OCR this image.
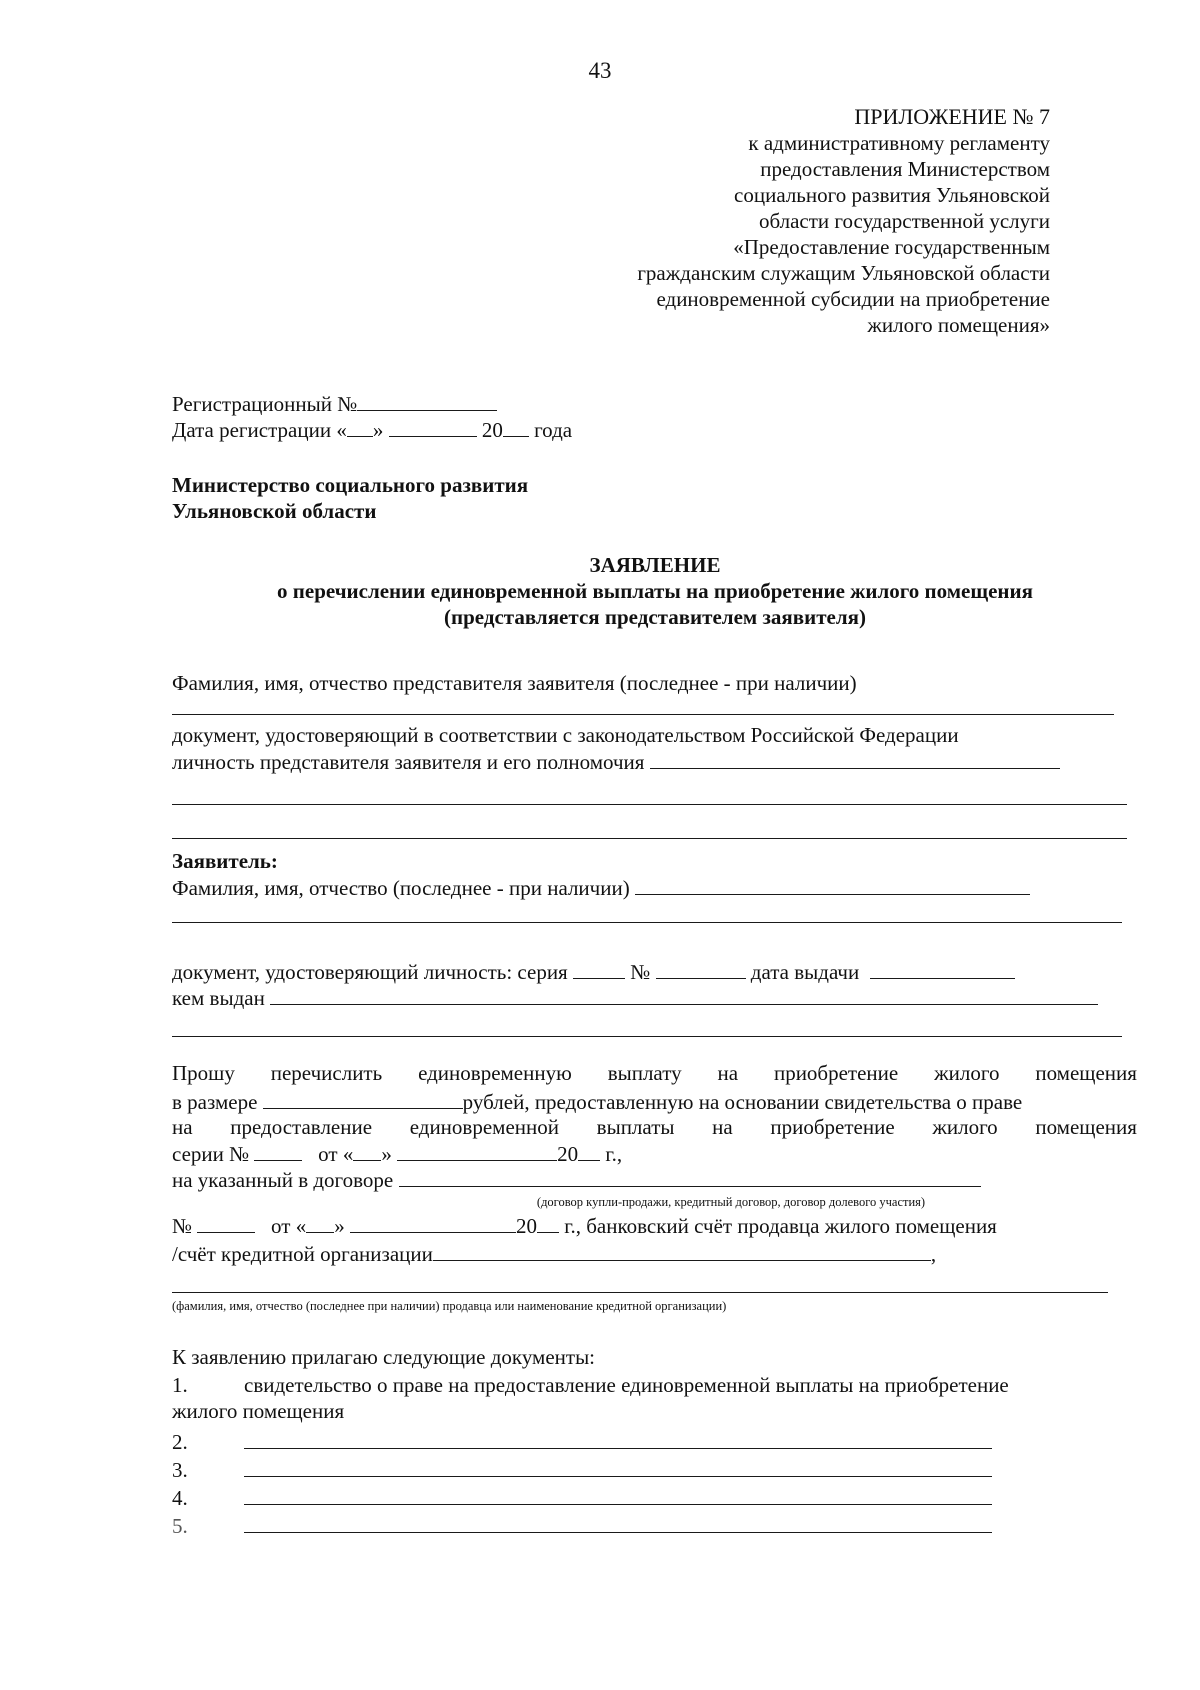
43
ПРИЛОЖЕНИЕ № 7
к административному регламенту
предоставления Министерством
социального развития Ульяновской
области государственной услуги
«Предоставление государственным
гражданским служащим Ульяновской области
единовременной субсидии на приобретение
жилого помещения»
Регистрационный №
Дата регистрации « »	20 года
Министерство социального развития
Ульяновской области
ЗАЯВЛЕНИЕ
о перечислении единовременной выплаты на приобретение жилого помещения
(представляется представителем заявителя)
Фамилия, имя, отчество представителя заявителя (последнее - при наличии)
документ, удостоверяющий в соответствии с законодательством Российской Федерации
личность представителя заявителя и его полномочия
Заявитель:
Фамилия, имя, отчество (последнее - при наличии)
документ, удостоверяющий личность: серия	№	дата выдачи
кем выдан
Прошу перечислить единовременную выплату на приобретение жилого помещения
в размере	рублей, предоставленную на основании свидетельства о праве
на предоставление единовременной выплаты на приобретение жилого помещения
серии №	от « »	20 г.,
на указанный в договоре
(договор купли-продажи, кредитный договор, договор долевого участия)
№	от « »	20 г., банковский счёт продавца жилого помещения
/счёт кредитной организации	,
(фамилия, имя, отчество (последнее при наличии) продавца или наименование кредитной организации)
К заявлению прилагаю следующие документы:
1.	свидетельство о праве на предоставление единовременной выплаты на приобретение
жилого помещения
2.
3.
4.
5.
